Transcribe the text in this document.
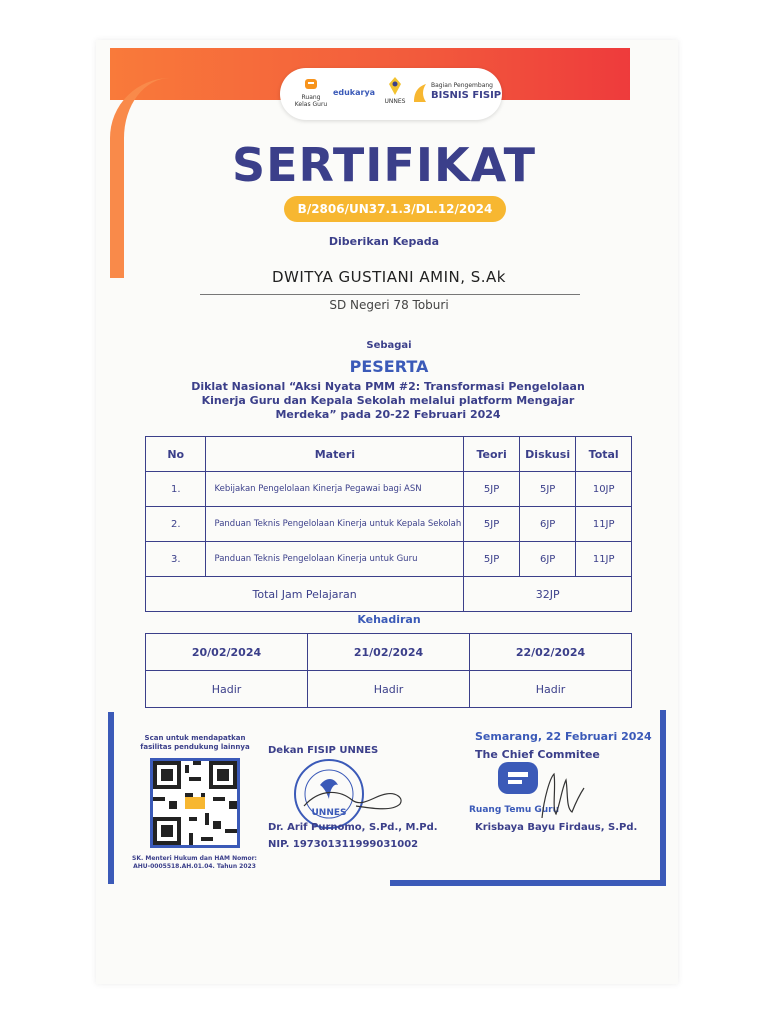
Ruang Kelas Guru
edukarya
UNNES
Bagian Pengembang
BISNIS FISIP
SERTIFIKAT
B/2806/UN37.1.3/DL.12/2024
Diberikan Kepada
DWITYA GUSTIANI AMIN, S.Ak
SD Negeri 78 Toburi
Sebagai
PESERTA
Diklat Nasional “Aksi Nyata PMM #2: Transformasi Pengelolaan Kinerja Guru dan Kepala Sekolah melalui platform Mengajar Merdeka” pada 20-22 Februari 2024
No	Materi	Teori	Diskusi	Total
1.	Kebijakan Pengelolaan Kinerja Pegawai bagi ASN	5JP	5JP	10JP
2.	Panduan Teknis Pengelolaan Kinerja untuk Kepala Sekolah	5JP	6JP	11JP
3.	Panduan Teknis Pengelolaan Kinerja untuk Guru	5JP	6JP	11JP
Total Jam Pelajaran		32JP		
Kehadiran
20/02/2024	21/02/2024	22/02/2024
Hadir	Hadir	Hadir
Scan untuk mendapatkan fasilitas pendukung lainnya
SK. Menteri Hukum dan HAM Nomor: AHU-0005518.AH.01.04. Tahun 2023
Dekan FISIP UNNES
UNNES
Dr. Arif Purnomo, S.Pd., M.Pd.
NIP. 197301311999031002
Semarang, 22 Februari 2024
The Chief Commitee
Ruang Temu Guru
Krisbaya Bayu Firdaus, S.Pd.
